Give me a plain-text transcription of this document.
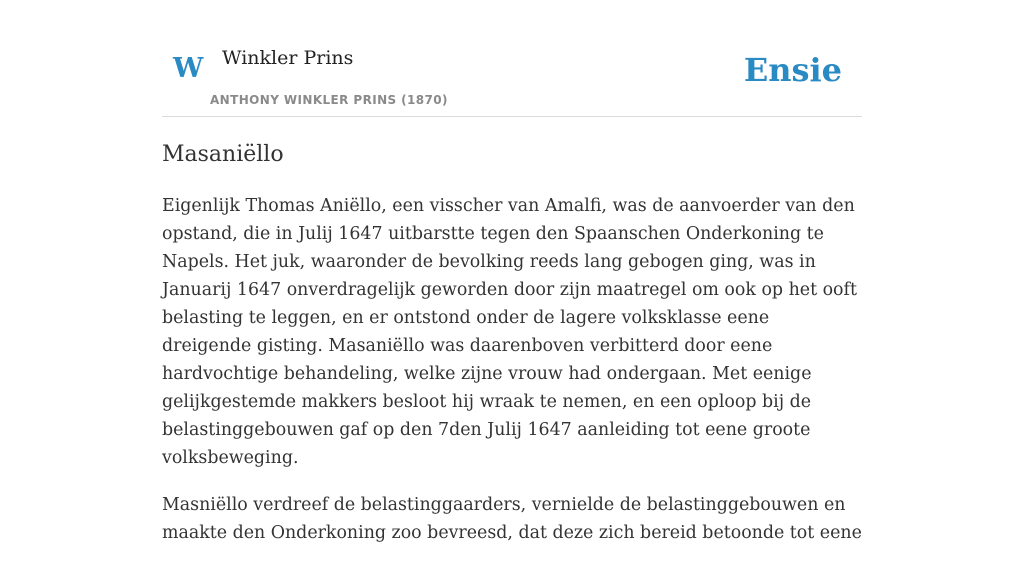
W Winkler Prins
ANTHONY WINKLER PRINS (1870)
Ensie
Masaniëllo

Eigenlijk Thomas Aniëllo, een visscher van Amalfi, was de aanvoerder van den opstand, die in Julij 1647 uitbarstte tegen den Spaanschen Onderkoning te Napels. Het juk, waaronder de bevolking reeds lang gebogen ging, was in Januarij 1647 onverdragelijk geworden door zijn maatregel om ook op het ooft belasting te leggen, en er ontstond onder de lagere volksklasse eene dreigende gisting. Masaniëllo was daarenboven verbitterd door eene hardvochtige behandeling, welke zijne vrouw had ondergaan. Met eenige gelijkgestemde makkers besloot hij wraak te nemen, en een oploop bij de belastinggebouwen gaf op den 7den Julij 1647 aanleiding tot eene groote volksbeweging.

Masniëllo verdreef de belastinggaarders, vernielde de belastinggebouwen en maakte den Onderkoning zoo bevreesd, dat deze zich bereid betoonde tot eene
